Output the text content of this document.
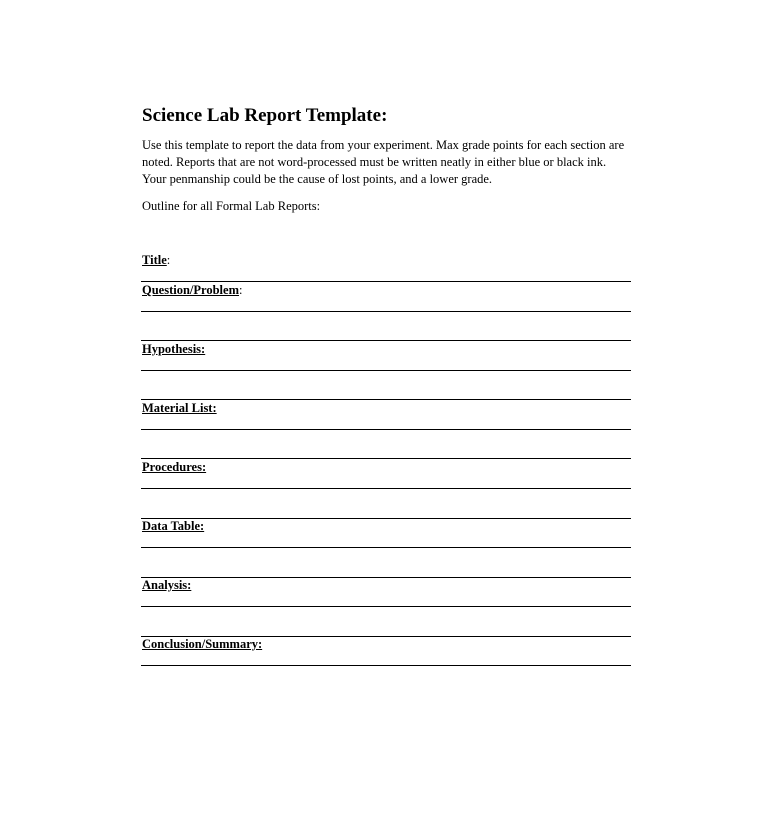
Science Lab Report Template:
Use this template to report the data from your experiment. Max grade points for each section are
noted. Reports that are not word-processed must be written neatly in either blue or black ink.
Your penmanship could be the cause of lost points, and a lower grade.
Outline for all Formal Lab Reports:
Title:
Question/Problem:
Hypothesis:
Material List:
Procedures:
Data Table:
Analysis:
Conclusion/Summary:
